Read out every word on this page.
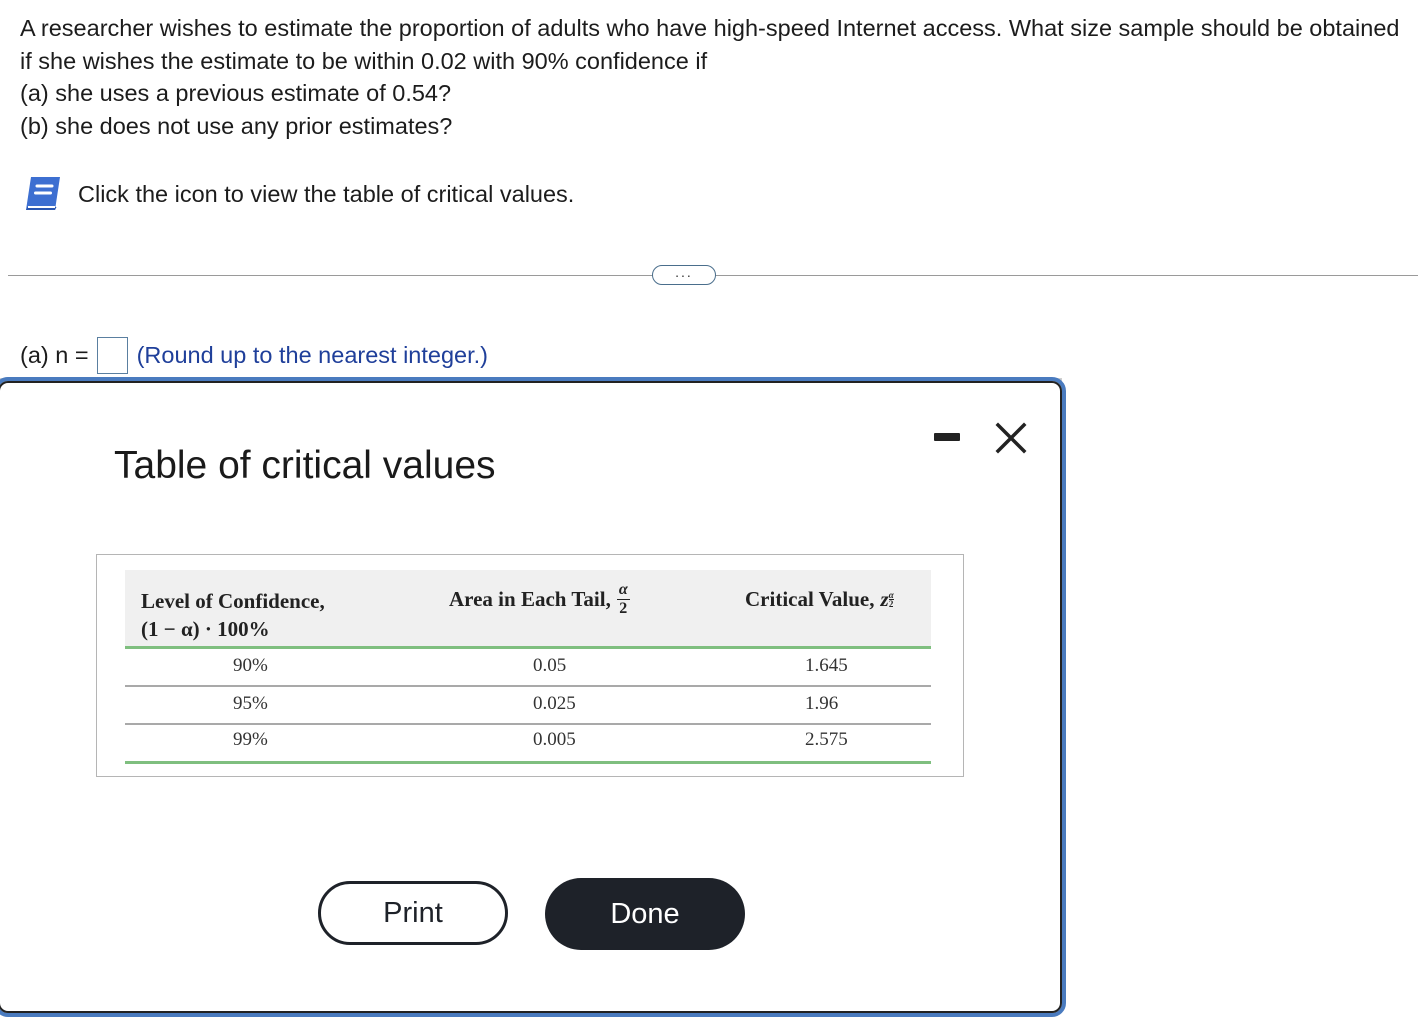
A researcher wishes to estimate the proportion of adults who have high-speed Internet access. What size sample should be obtained if she wishes the estimate to be within 0.02 with 90% confidence if

(a) she uses a previous estimate of 0.54?

(b) she does not use any prior estimates?

Click the icon to view the table of critical values.
...
(a) n = (Round up to the nearest integer.)
Table of critical values
Level of Confidence,
(1 − α) · 100%
Area in Each Tail, $\frac{\alpha}{2}$	Critical Value, z α
2
90%	0.05	1.645
95%	0.025	1.96
99%	0.005	2.575
Print	Done
